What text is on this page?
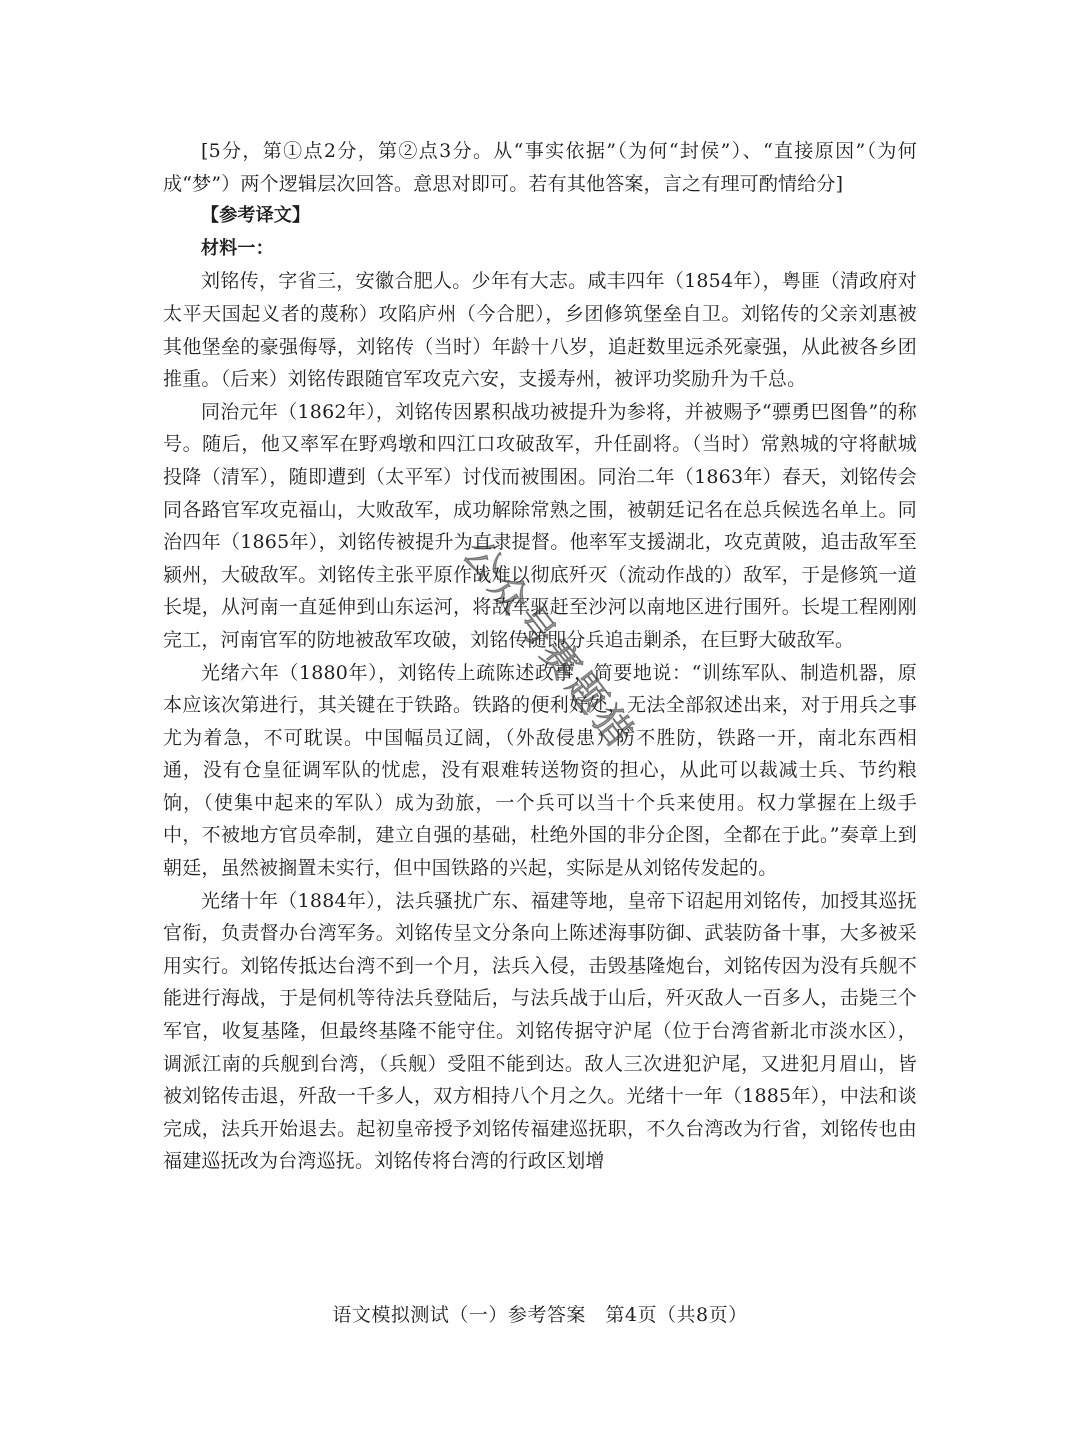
[5分，第①点2分，第②点3分。从“事实依据”（为何“封侯”）、“直接原因”（为何成“梦”）两个逻辑层次回答。意思对即可。若有其他答案，言之有理可酌情给分]

【参考译文】

材料一：

刘铭传，字省三，安徽合肥人。少年有大志。咸丰四年（1854年），粤匪（清政府对太平天国起义者的蔑称）攻陷庐州（今合肥），乡团修筑堡垒自卫。刘铭传的父亲刘惠被其他堡垒的豪强侮辱，刘铭传（当时）年龄十八岁，追赶数里远杀死豪强，从此被各乡团推重。（后来）刘铭传跟随官军攻克六安，支援寿州，被评功奖励升为千总。

同治元年（1862年），刘铭传因累积战功被提升为参将，并被赐予“骠勇巴图鲁”的称号。随后，他又率军在野鸡墩和四江口攻破敌军，升任副将。（当时）常熟城的守将献城投降（清军），随即遭到（太平军）讨伐而被围困。同治二年（1863年）春天，刘铭传会同各路官军攻克福山，大败敌军，成功解除常熟之围，被朝廷记名在总兵候选名单上。同治四年（1865年），刘铭传被提升为直隶提督。他率军支援湖北，攻克黄陂，追击敌军至颍州，大破敌军。刘铭传主张平原作战难以彻底歼灭（流动作战的）敌军，于是修筑一道长堤，从河南一直延伸到山东运河，将敌军驱赶至沙河以南地区进行围歼。长堤工程刚刚完工，河南官军的防地被敌军攻破，刘铭传随即分兵追击剿杀，在巨野大破敌军。

光绪六年（1880年），刘铭传上疏陈述政事，简要地说：“训练军队、制造机器，原本应该次第进行，其关键在于铁路。铁路的便利好处，无法全部叙述出来，对于用兵之事尤为着急，不可耽误。中国幅员辽阔，（外敌侵患）防不胜防，铁路一开，南北东西相通，没有仓皇征调军队的忧虑，没有艰难转送物资的担心，从此可以裁减士兵、节约粮饷，（使集中起来的军队）成为劲旅，一个兵可以当十个兵来使用。权力掌握在上级手中，不被地方官员牵制，建立自强的基础，杜绝外国的非分企图，全都在于此。”奏章上到朝廷，虽然被搁置未实行，但中国铁路的兴起，实际是从刘铭传发起的。

光绪十年（1884年），法兵骚扰广东、福建等地，皇帝下诏起用刘铭传，加授其巡抚官衔，负责督办台湾军务。刘铭传呈文分条向上陈述海事防御、武装防备十事，大多被采用实行。刘铭传抵达台湾不到一个月，法兵入侵，击毁基隆炮台，刘铭传因为没有兵舰不能进行海战，于是伺机等待法兵登陆后，与法兵战于山后，歼灭敌人一百多人，击毙三个军官，收复基隆，但最终基隆不能守住。刘铭传据守沪尾（位于台湾省新北市淡水区），调派江南的兵舰到台湾，（兵舰）受阻不能到达。敌人三次进犯沪尾，又进犯月眉山，皆被刘铭传击退，歼敌一千多人，双方相持八个月之久。光绪十一年（1885年），中法和谈完成，法兵开始退去。起初皇帝授予刘铭传福建巡抚职，不久台湾改为行省，刘铭传也由福建巡抚改为台湾巡抚。刘铭传将台湾的行政区划增

公众号赛题猎
语文模拟测试（一）参考答案　第4页（共8页）
